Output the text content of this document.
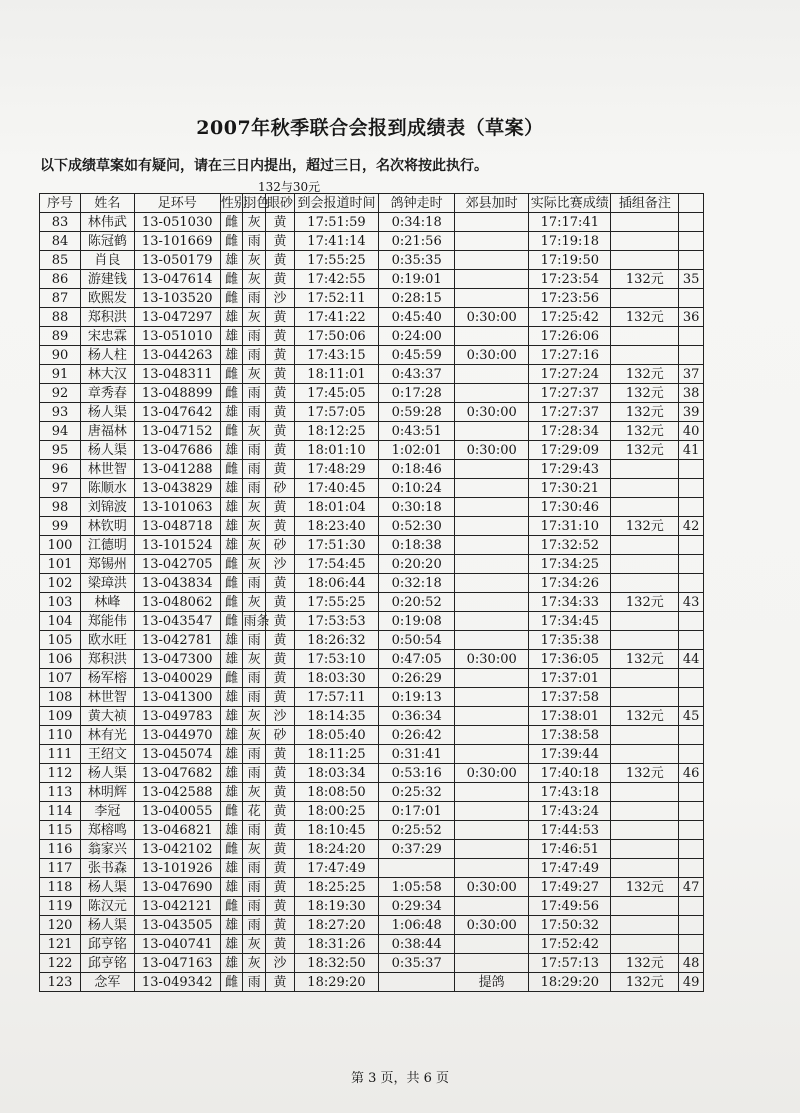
2007年秋季联合会报到成绩表（草案）
以下成绩草案如有疑问，请在三日内提出，超过三日，名次将按此执行。
132与30元
序号	姓名	足环号	性别	羽色	眼砂	到会报道时间	鸽钟走时	郊县加时	实际比赛成绩	插组备注	
83	林伟武	13-051030	雌	灰	黄	17:51:59	0:34:18		17:17:41		
84	陈冠鹤	13-101669	雌	雨	黄	17:41:14	0:21:56		17:19:18		
85	肖良	13-050179	雄	灰	黄	17:55:25	0:35:35		17:19:50		
86	游建钱	13-047614	雌	灰	黄	17:42:55	0:19:01		17:23:54	132元	35
87	欧熙发	13-103520	雌	雨	沙	17:52:11	0:28:15		17:23:56		
88	郑积洪	13-047297	雄	灰	黄	17:41:22	0:45:40	0:30:00	17:25:42	132元	36
89	宋忠霖	13-051010	雄	雨	黄	17:50:06	0:24:00		17:26:06		
90	杨人柱	13-044263	雄	雨	黄	17:43:15	0:45:59	0:30:00	17:27:16		
91	林大汉	13-048311	雌	灰	黄	18:11:01	0:43:37		17:27:24	132元	37
92	章秀春	13-048899	雌	雨	黄	17:45:05	0:17:28		17:27:37	132元	38
93	杨人渠	13-047642	雄	雨	黄	17:57:05	0:59:28	0:30:00	17:27:37	132元	39
94	唐福林	13-047152	雌	灰	黄	18:12:25	0:43:51		17:28:34	132元	40
95	杨人渠	13-047686	雄	雨	黄	18:01:10	1:02:01	0:30:00	17:29:09	132元	41
96	林世智	13-041288	雌	雨	黄	17:48:29	0:18:46		17:29:43		
97	陈顺水	13-043829	雄	雨	砂	17:40:45	0:10:24		17:30:21		
98	刘锦波	13-101063	雄	灰	黄	18:01:04	0:30:18		17:30:46		
99	林钦明	13-048718	雄	灰	黄	18:23:40	0:52:30		17:31:10	132元	42
100	江德明	13-101524	雄	灰	砂	17:51:30	0:18:38		17:32:52		
101	郑锡州	13-042705	雌	灰	沙	17:54:45	0:20:20		17:34:25		
102	梁璋洪	13-043834	雌	雨	黄	18:06:44	0:32:18		17:34:26		
103	林峰	13-048062	雌	灰	黄	17:55:25	0:20:52		17:34:33	132元	43
104	郑能伟	13-043547	雌	雨条	黄	17:53:53	0:19:08		17:34:45		
105	欧水旺	13-042781	雄	雨	黄	18:26:32	0:50:54		17:35:38		
106	郑积洪	13-047300	雄	灰	黄	17:53:10	0:47:05	0:30:00	17:36:05	132元	44
107	杨军榕	13-040029	雌	雨	黄	18:03:30	0:26:29		17:37:01		
108	林世智	13-041300	雄	雨	黄	17:57:11	0:19:13		17:37:58		
109	黄大祯	13-049783	雄	灰	沙	18:14:35	0:36:34		17:38:01	132元	45
110	林有光	13-044970	雄	灰	砂	18:05:40	0:26:42		17:38:58		
111	王绍文	13-045074	雄	雨	黄	18:11:25	0:31:41		17:39:44		
112	杨人渠	13-047682	雄	雨	黄	18:03:34	0:53:16	0:30:00	17:40:18	132元	46
113	林明辉	13-042588	雄	灰	黄	18:08:50	0:25:32		17:43:18		
114	李冠	13-040055	雌	花	黄	18:00:25	0:17:01		17:43:24		
115	郑榕鸣	13-046821	雄	雨	黄	18:10:45	0:25:52		17:44:53		
116	翁家兴	13-042102	雌	灰	黄	18:24:20	0:37:29		17:46:51		
117	张书森	13-101926	雄	雨	黄	17:47:49			17:47:49		
118	杨人渠	13-047690	雄	雨	黄	18:25:25	1:05:58	0:30:00	17:49:27	132元	47
119	陈汉元	13-042121	雌	雨	黄	18:19:30	0:29:34		17:49:56		
120	杨人渠	13-043505	雄	雨	黄	18:27:20	1:06:48	0:30:00	17:50:32		
121	邱亨铭	13-040741	雄	灰	黄	18:31:26	0:38:44		17:52:42		
122	邱亨铭	13-047163	雄	灰	沙	18:32:50	0:35:37		17:57:13	132元	48
123	念军	13-049342	雌	雨	黄	18:29:20		提鸽	18:29:20	132元	49
第 3 页，共 6 页
